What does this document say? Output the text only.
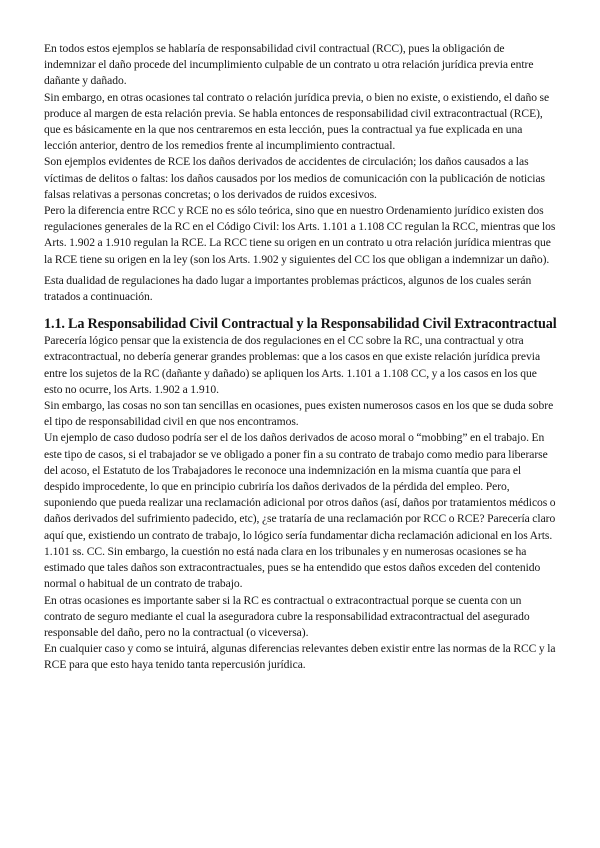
En todos estos ejemplos se hablaría de responsabilidad civil contractual (RCC), pues la obligación de indemnizar el daño procede del incumplimiento culpable de un contrato u otra relación jurídica previa entre dañante y dañado.

Sin embargo, en otras ocasiones tal contrato o relación jurídica previa, o bien no existe, o existiendo, el daño se produce al margen de esta relación previa. Se habla entonces de responsabilidad civil extracontractual (RCE), que es básicamente en la que nos centraremos en esta lección, pues la contractual ya fue explicada en una lección anterior, dentro de los remedios frente al incumplimiento contractual.

Son ejemplos evidentes de RCE los daños derivados de accidentes de circulación; los daños causados a las víctimas de delitos o faltas: los daños causados por los medios de comunicación con la publicación de noticias falsas relativas a personas concretas; o los derivados de ruidos excesivos.

Pero la diferencia entre RCC y RCE no es sólo teórica, sino que en nuestro Ordenamiento jurídico existen dos regulaciones generales de la RC en el Código Civil: los Arts. 1.101 a 1.108 CC regulan la RCC, mientras que los Arts. 1.902 a 1.910 regulan la RCE. La RCC tiene su origen en un contrato u otra relación jurídica mientras que la RCE tiene su origen en la ley (son los Arts. 1.902 y siguientes del CC los que obligan a indemnizar un daño).

Esta dualidad de regulaciones ha dado lugar a importantes problemas prácticos, algunos de los cuales serán tratados a continuación.

1.1. La Responsabilidad Civil Contractual y la Responsabilidad Civil Extracontractual

Parecería lógico pensar que la existencia de dos regulaciones en el CC sobre la RC, una contractual y otra extracontractual, no debería generar grandes problemas: que a los casos en que existe relación jurídica previa entre los sujetos de la RC (dañante y dañado) se apliquen los Arts. 1.101 a 1.108 CC, y a los casos en los que esto no ocurre, los Arts. 1.902 a 1.910.

Sin embargo, las cosas no son tan sencillas en ocasiones, pues existen numerosos casos en los que se duda sobre el tipo de responsabilidad civil en que nos encontramos.

Un ejemplo de caso dudoso podría ser el de los daños derivados de acoso moral o “mobbing” en el trabajo. En este tipo de casos, si el trabajador se ve obligado a poner fin a su contrato de trabajo como medio para liberarse del acoso, el Estatuto de los Trabajadores le reconoce una indemnización en la misma cuantía que para el despido improcedente, lo que en principio cubriría los daños derivados de la pérdida del empleo. Pero, suponiendo que pueda realizar una reclamación adicional por otros daños (así, daños por tratamientos médicos o daños derivados del sufrimiento padecido, etc), ¿se trataría de una reclamación por RCC o RCE? Parecería claro aquí que, existiendo un contrato de trabajo, lo lógico sería fundamentar dicha reclamación adicional en los Arts. 1.101 ss. CC. Sin embargo, la cuestión no está nada clara en los tribunales y en numerosas ocasiones se ha estimado que tales daños son extracontractuales, pues se ha entendido que estos daños exceden del contenido normal o habitual de un contrato de trabajo.

En otras ocasiones es importante saber si la RC es contractual o extracontractual porque se cuenta con un contrato de seguro mediante el cual la aseguradora cubre la responsabilidad extracontractual del asegurado responsable del daño, pero no la contractual (o viceversa).

En cualquier caso y como se intuirá, algunas diferencias relevantes deben existir entre las normas de la RCC y la RCE para que esto haya tenido tanta repercusión jurídica.
